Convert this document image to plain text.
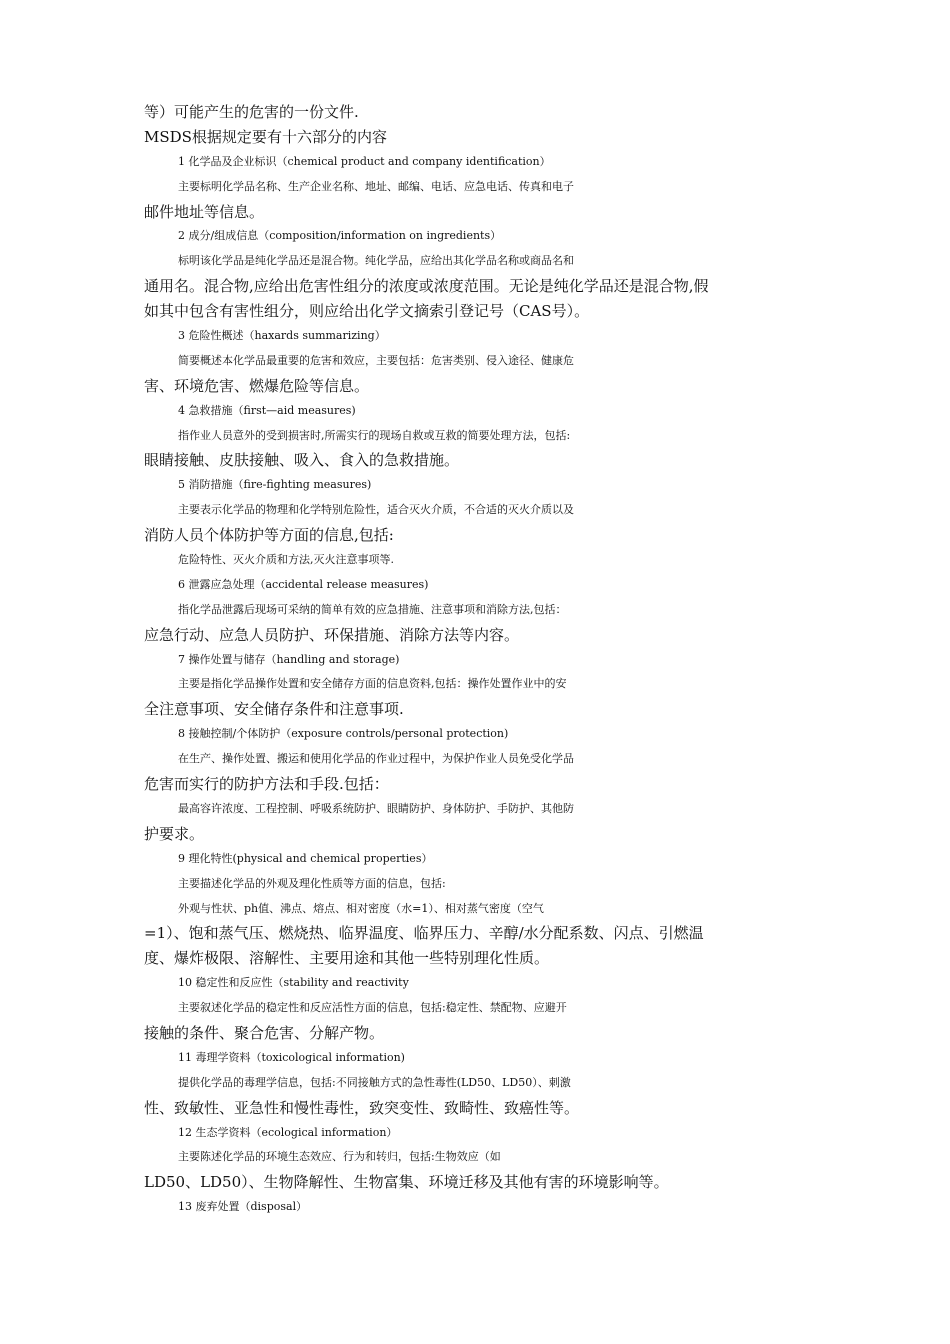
等）可能产生的危害的一份文件.
MSDS根据规定要有十六部分的内容
1 化学品及企业标识（chemical product and company identification）
主要标明化学品名称、生产企业名称、地址、邮编、电话、应急电话、传真和电子
邮件地址等信息。
2 成分/组成信息（composition/information on ingredients）
标明该化学品是纯化学品还是混合物。纯化学品，应给出其化学品名称或商品名和
通用名。混合物,应给出危害性组分的浓度或浓度范围。无论是纯化学品还是混合物,假
如其中包含有害性组分，则应给出化学文摘索引登记号（CAS号）。
3 危险性概述（haxards summarizing）
简要概述本化学品最重要的危害和效应，主要包括：危害类别、侵入途径、健康危
害、环境危害、燃爆危险等信息。
4 急救措施（first—aid measures)
指作业人员意外的受到损害时,所需实行的现场自救或互救的简要处理方法，包括:
眼睛接触、皮肤接触、吸入、食入的急救措施。
5 消防措施（fire-fighting measures)
主要表示化学品的物理和化学特别危险性，适合灭火介质，不合适的灭火介质以及
消防人员个体防护等方面的信息,包括:
危险特性、灭火介质和方法,灭火注意事项等.
6 泄露应急处理（accidental release measures)
指化学品泄露后现场可采纳的简单有效的应急措施、注意事项和消除方法,包括：
应急行动、应急人员防护、环保措施、消除方法等内容。
7 操作处置与储存（handling and storage)
主要是指化学品操作处置和安全储存方面的信息资料,包括：操作处置作业中的安
全注意事项、安全储存条件和注意事项.
8 接触控制/个体防护（exposure controls/personal protection)
在生产、操作处置、搬运和使用化学品的作业过程中，为保护作业人员免受化学品
危害而实行的防护方法和手段.包括：
最高容许浓度、工程控制、呼吸系统防护、眼睛防护、身体防护、手防护、其他防
护要求。
9 理化特性(physical and chemical properties）
主要描述化学品的外观及理化性质等方面的信息，包括:
外观与性状、ph值、沸点、熔点、相对密度（水=1）、相对蒸气密度（空气
=1）、饱和蒸气压、燃烧热、临界温度、临界压力、辛醇/水分配系数、闪点、引燃温
度、爆炸极限、溶解性、主要用途和其他一些特别理化性质。
10 稳定性和反应性（stability and reactivity
主要叙述化学品的稳定性和反应活性方面的信息，包括:稳定性、禁配物、应避开
接触的条件、聚合危害、分解产物。
11 毒理学资料（toxicological information)
提供化学品的毒理学信息，包括:不同接触方式的急性毒性(LD50、LD50）、刺激
性、致敏性、亚急性和慢性毒性，致突变性、致畸性、致癌性等。
12 生态学资料（ecological information）
主要陈述化学品的环境生态效应、行为和转归，包括:生物效应（如
LD50、LD50）、生物降解性、生物富集、环境迁移及其他有害的环境影响等。
13 废弃处置（disposal）
